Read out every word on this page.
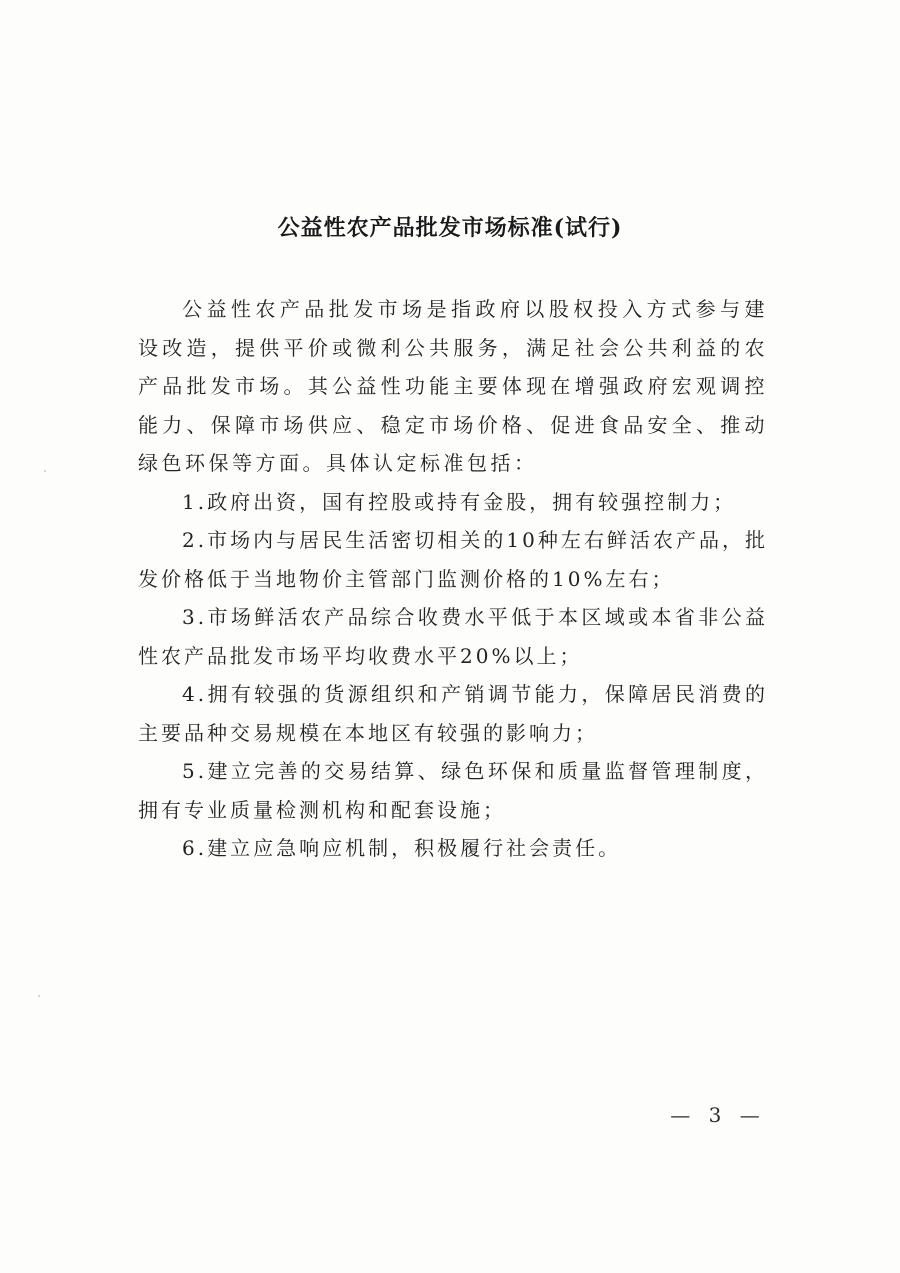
公益性农产品批发市场标准(试行)

公益性农产品批发市场是指政府以股权投入方式参与建设改造，提供平价或微利公共服务，满足社会公共利益的农产品批发市场。其公益性功能主要体现在增强政府宏观调控能力、保障市场供应、稳定市场价格、促进食品安全、推动绿色环保等方面。具体认定标准包括：

1.政府出资，国有控股或持有金股，拥有较强控制力；

2.市场内与居民生活密切相关的10种左右鲜活农产品，批发价格低于当地物价主管部门监测价格的10%左右；

3.市场鲜活农产品综合收费水平低于本区域或本省非公益性农产品批发市场平均收费水平20%以上；

4.拥有较强的货源组织和产销调节能力，保障居民消费的主要品种交易规模在本地区有较强的影响力；

5.建立完善的交易结算、绿色环保和质量监督管理制度，拥有专业质量检测机构和配套设施；

6.建立应急响应机制，积极履行社会责任。

— 3 —
